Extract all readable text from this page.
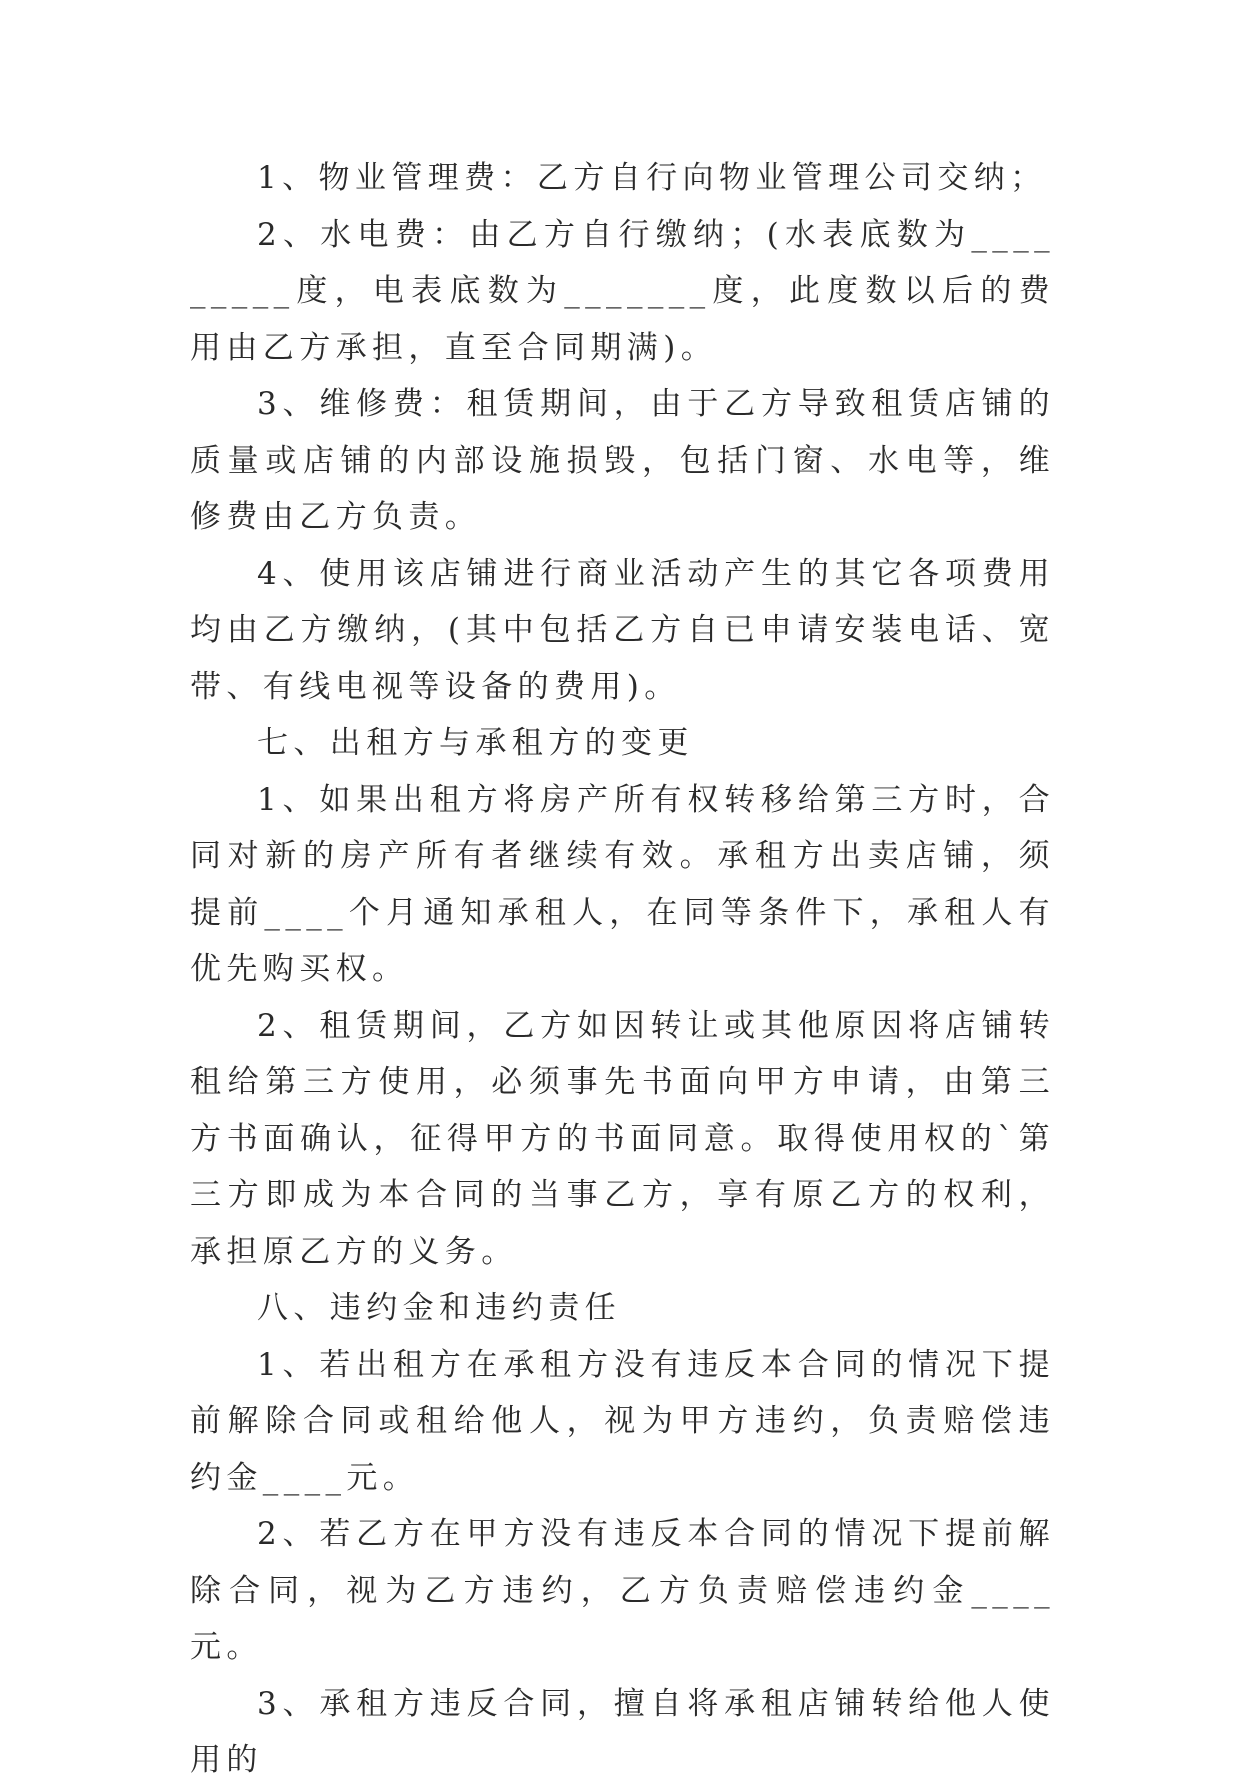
1、物业管理费：乙方自行向物业管理公司交纳；

2、水电费：由乙方自行缴纳；(水表底数为_________度，电表底数为_______度，此度数以后的费用由乙方承担，直至合同期满)。

3、维修费：租赁期间，由于乙方导致租赁店铺的质量或店铺的内部设施损毁，包括门窗、水电等，维修费由乙方负责。

4、使用该店铺进行商业活动产生的其它各项费用均由乙方缴纳，(其中包括乙方自已申请安装电话、宽带、有线电视等设备的费用)。

七、出租方与承租方的变更

1、如果出租方将房产所有权转移给第三方时，合同对新的房产所有者继续有效。承租方出卖店铺，须提前____个月通知承租人，在同等条件下，承租人有优先购买权。

2、租赁期间，乙方如因转让或其他原因将店铺转租给第三方使用，必须事先书面向甲方申请，由第三方书面确认，征得甲方的书面同意。取得使用权的`第三方即成为本合同的当事乙方，享有原乙方的权利，承担原乙方的义务。

八、违约金和违约责任

1、若出租方在承租方没有违反本合同的情况下提前解除合同或租给他人，视为甲方违约，负责赔偿违约金____元。

2、若乙方在甲方没有违反本合同的情况下提前解除合同，视为乙方违约，乙方负责赔偿违约金____元。

3、承租方违反合同，擅自将承租店铺转给他人使用的
